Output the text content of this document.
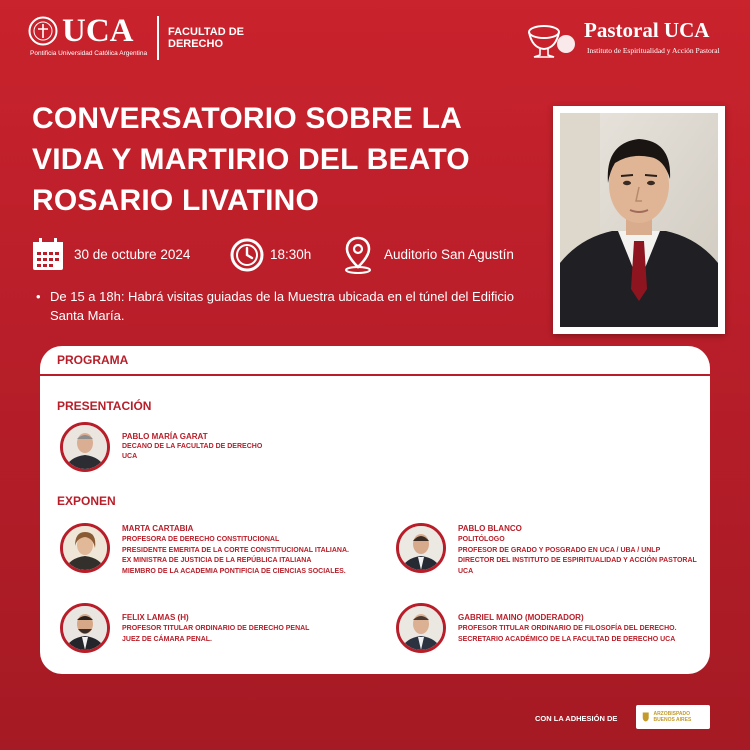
UCA
Pontificia Universidad Católica Argentina
FACULTAD DE DERECHO
Pastoral UCA
Instituto de Espiritualidad y Acción Pastoral
CONVERSATORIO SOBRE LA VIDA Y MARTIRIO DEL BEATO ROSARIO LIVATINO
30 de octubre 2024	18:30h	Auditorio San Agustín
• De 15 a 18h: Habrá visitas guiadas de la Muestra ubicada en el túnel del Edificio Santa María.
PROGRAMA
PRESENTACIÓN
EXPONEN
PABLO MARÍA GARAT
DECANO DE LA FACULTAD DE DERECHO
UCA
MARTA CARTABIA
PROFESORA DE DERECHO CONSTITUCIONAL
PRESIDENTE EMERITA DE LA CORTE CONSTITUCIONAL ITALIANA.
EX MINISTRA DE JUSTICIA DE LA REPÚBLICA ITALIANA
MIEMBRO DE LA ACADEMIA PONTIFICIA DE CIENCIAS SOCIALES.
PABLO BLANCO
POLITÓLOGO
PROFESOR DE GRADO Y POSGRADO EN UCA / UBA / UNLP
DIRECTOR DEL INSTITUTO DE ESPIRITUALIDAD Y ACCIÓN PASTORAL
UCA
FELIX LAMAS (H)
PROFESOR TITULAR ORDINARIO DE DERECHO PENAL
JUEZ DE CÁMARA PENAL.
GABRIEL MAINO (MODERADOR)
PROFESOR TITULAR ORDINARIO DE FILOSOFÍA DEL DERECHO.
SECRETARIO ACADÉMICO DE LA FACULTAD DE DERECHO UCA
CON LA ADHESIÓN DE	ARZOBISPADO BUENOS AIRES
